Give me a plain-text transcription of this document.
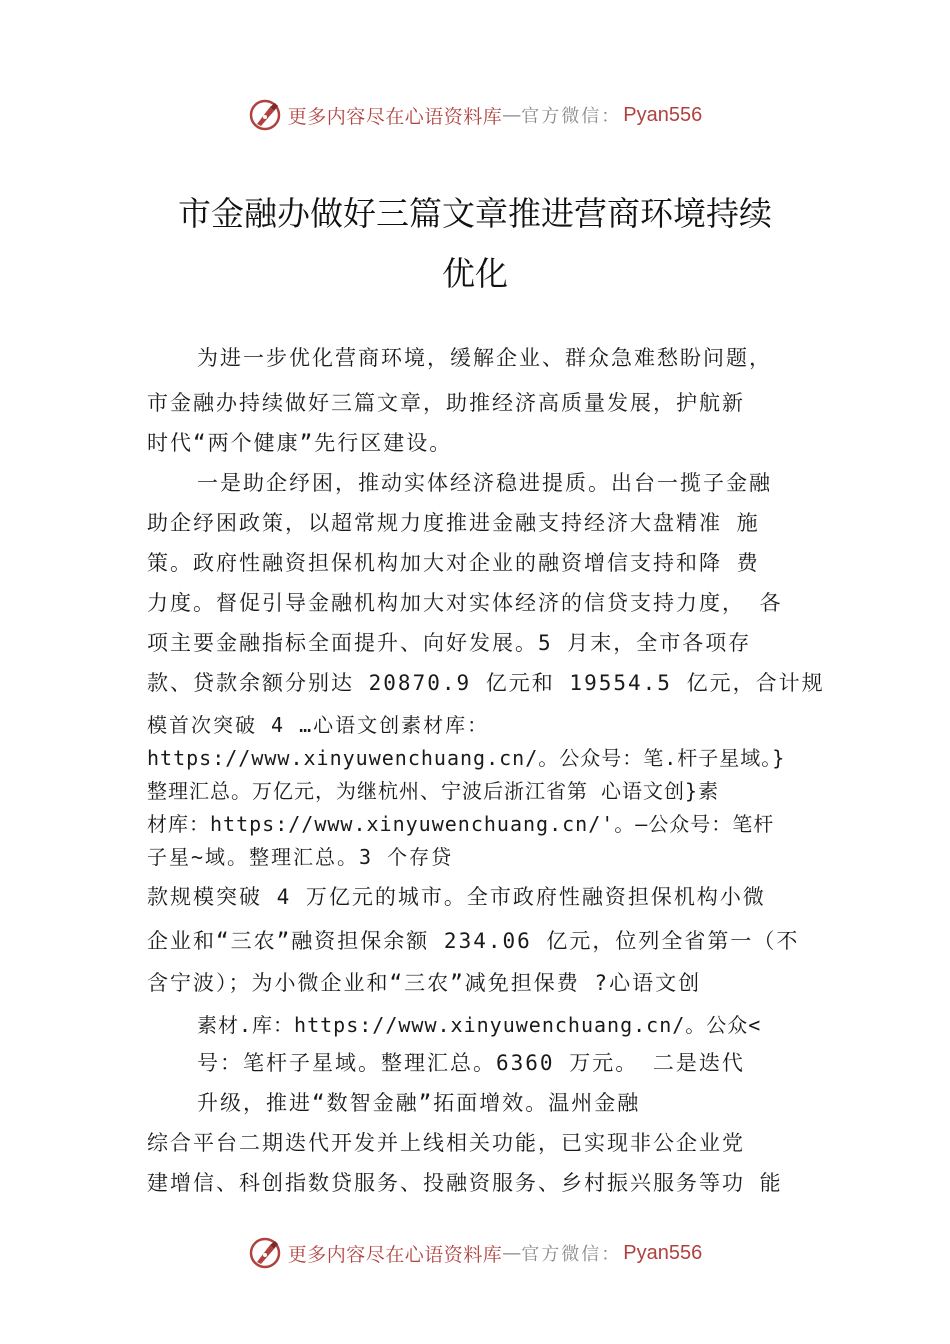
更多内容尽在心语资料库 — 官方微信： Pyan556
市金融办做好三篇文章推进营商环境持续
优化
为进一步优化营商环境，缓解企业、群众急难愁盼问题，
市金融办持续做好三篇文章，助推经济高质量发展，护航新
时代“两个健康”先行区建设。
一是助企纾困，推动实体经济稳进提质。出台一揽子金融
助企纾困政策，以超常规力度推进金融支持经济大盘精准 施
策。政府性融资担保机构加大对企业的融资增信支持和降 费
力度。督促引导金融机构加大对实体经济的信贷支持力度， 各
项主要金融指标全面提升、向好发展。5 月末，全市各项存
款、贷款余额分别达 20870.9 亿元和 19554.5 亿元，合计规
模首次突破 4 …心语文创素材库：
https://www.xinyuwenchuang.cn/。公众号：笔.杆子星域。}
整理汇总。万亿元，为继杭州、宁波后浙江省第 心语文创}素
材库：https://www.xinyuwenchuang.cn/'。—公众号：笔杆
子星~域。整理汇总。3 个存贷
款规模突破 4 万亿元的城市。全市政府性融资担保机构小微
企业和“三农”融资担保余额 234.06 亿元，位列全省第一（不
含宁波）；为小微企业和“三农”减免担保费 ?心语文创
素材.库：https://www.xinyuwenchuang.cn/。公众<
号：笔杆子星域。整理汇总。6360 万元。 二是迭代
升级，推进“数智金融”拓面增效。温州金融
综合平台二期迭代开发并上线相关功能，已实现非公企业党
建增信、科创指数贷服务、投融资服务、乡村振兴服务等功 能
更多内容尽在心语资料库 — 官方微信： Pyan556
